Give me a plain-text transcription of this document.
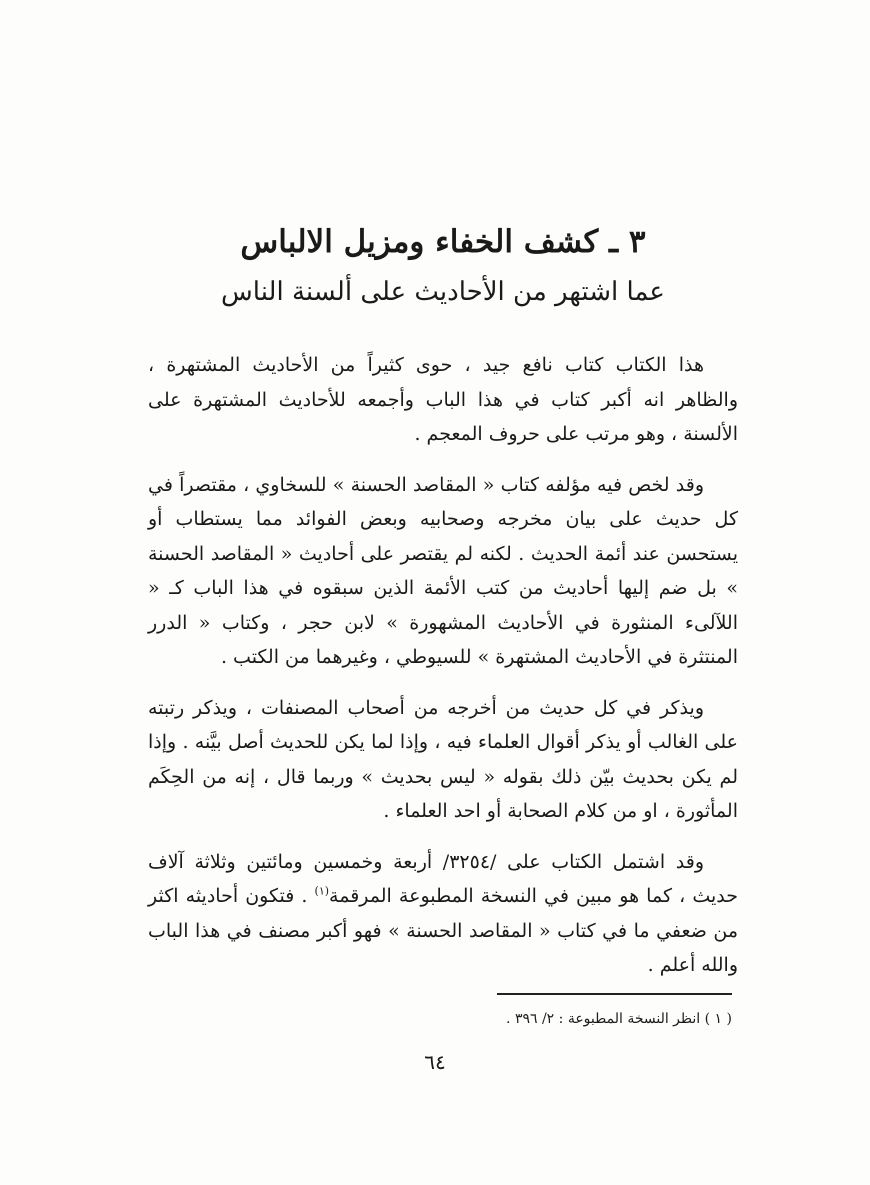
٣ ـ كشف الخفاء ومزيل الالباس
عما اشتهر من الأحاديث على ألسنة الناس

هذا الكتاب كتاب نافع جيد ، حوى كثيراً من الأحاديث المشتهرة ، والظاهر انه أكبر كتاب في هذا الباب وأجمعه للأحاديث المشتهرة على الألسنة ، وهو مرتب على حروف المعجم .

وقد لخص فيه مؤلفه كتاب « المقاصد الحسنة » للسخاوي ، مقتصراً في كل حديث على بيان مخرجه وصحابيه وبعض الفوائد مما يستطاب أو يستحسن عند أئمة الحديث . لكنه لم يقتصر على أحاديث « المقاصد الحسنة » بل ضم إليها أحاديث من كتب الأئمة الذين سبقوه في هذا الباب كـ « اللآلىء المنثورة في الأحاديث المشهورة » لابن حجر ، وكتاب « الدرر المنتثرة في الأحاديث المشتهرة » للسيوطي ، وغيرهما من الكتب .

ويذكر في كل حديث من أخرجه من أصحاب المصنفات ، ويذكر رتبته على الغالب أو يذكر أقوال العلماء فيه ، وإذا لما يكن للحديث أصل بيَّنه . وإذا لم يكن بحديث بيّن ذلك بقوله « ليس بحديث » وربما قال ، إنه من الحِكَم المأثورة ، او من كلام الصحابة أو احد العلماء .

وقد اشتمل الكتاب على /٣٢٥٤/ أربعة وخمسين ومائتين وثلاثة آلاف حديث ، كما هو مبين في النسخة المطبوعة المرقمة$^{(١)}$ . فتكون أحاديثه اكثر من ضعفي ما في كتاب « المقاصد الحسنة » فهو أكبر مصنف في هذا الباب والله أعلم .

( ١ ) انظر النسخة المطبوعة : ٢/ ٣٩٦ .
٦٤
